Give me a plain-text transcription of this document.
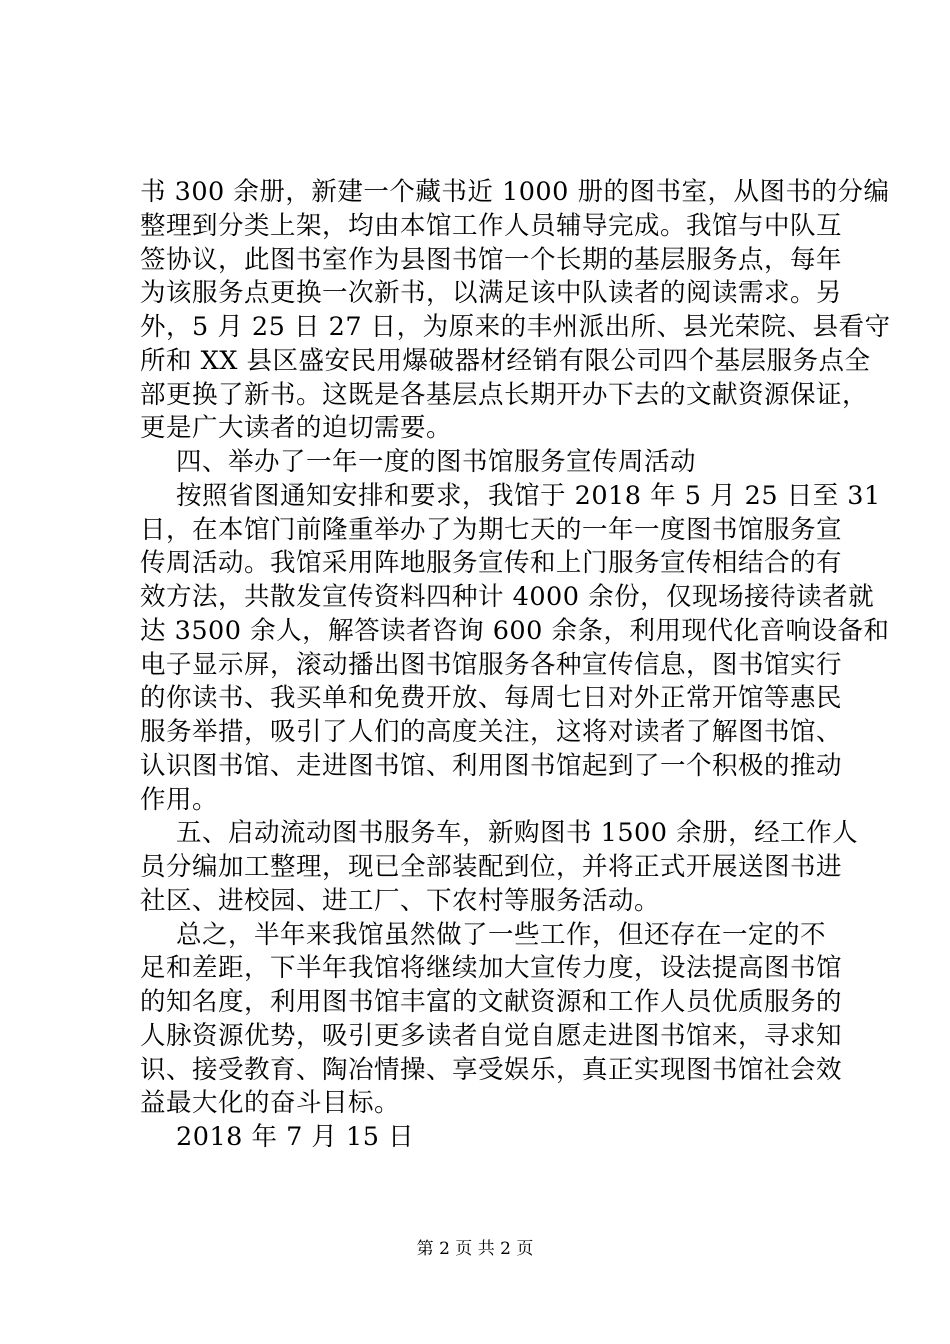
书 300 余册，新建一个藏书近 1000 册的图书室，从图书的分编
整理到分类上架，均由本馆工作人员辅导完成。我馆与中队互
签协议，此图书室作为县图书馆一个长期的基层服务点，每年
为该服务点更换一次新书，以满足该中队读者的阅读需求。另
外，5 月 25 日 27 日，为原来的丰州派出所、县光荣院、县看守
所和 XX 县区盛安民用爆破器材经销有限公司四个基层服务点全
部更换了新书。这既是各基层点长期开办下去的文献资源保证，
更是广大读者的迫切需要。
四、举办了一年一度的图书馆服务宣传周活动
按照省图通知安排和要求，我馆于 2018 年 5 月 25 日至 31
日，在本馆门前隆重举办了为期七天的一年一度图书馆服务宣
传周活动。我馆采用阵地服务宣传和上门服务宣传相结合的有
效方法，共散发宣传资料四种计 4000 余份，仅现场接待读者就
达 3500 余人，解答读者咨询 600 余条，利用现代化音响设备和
电子显示屏，滚动播出图书馆服务各种宣传信息，图书馆实行
的你读书、我买单和免费开放、每周七日对外正常开馆等惠民
服务举措，吸引了人们的高度关注，这将对读者了解图书馆、
认识图书馆、走进图书馆、利用图书馆起到了一个积极的推动
作用。
五、启动流动图书服务车，新购图书 1500 余册，经工作人
员分编加工整理，现已全部装配到位，并将正式开展送图书进
社区、进校园、进工厂、下农村等服务活动。
总之，半年来我馆虽然做了一些工作，但还存在一定的不
足和差距，下半年我馆将继续加大宣传力度，设法提高图书馆
的知名度，利用图书馆丰富的文献资源和工作人员优质服务的
人脉资源优势，吸引更多读者自觉自愿走进图书馆来，寻求知
识、接受教育、陶冶情操、享受娱乐，真正实现图书馆社会效
益最大化的奋斗目标。
2018 年 7 月 15 日
第 2 页 共 2 页
